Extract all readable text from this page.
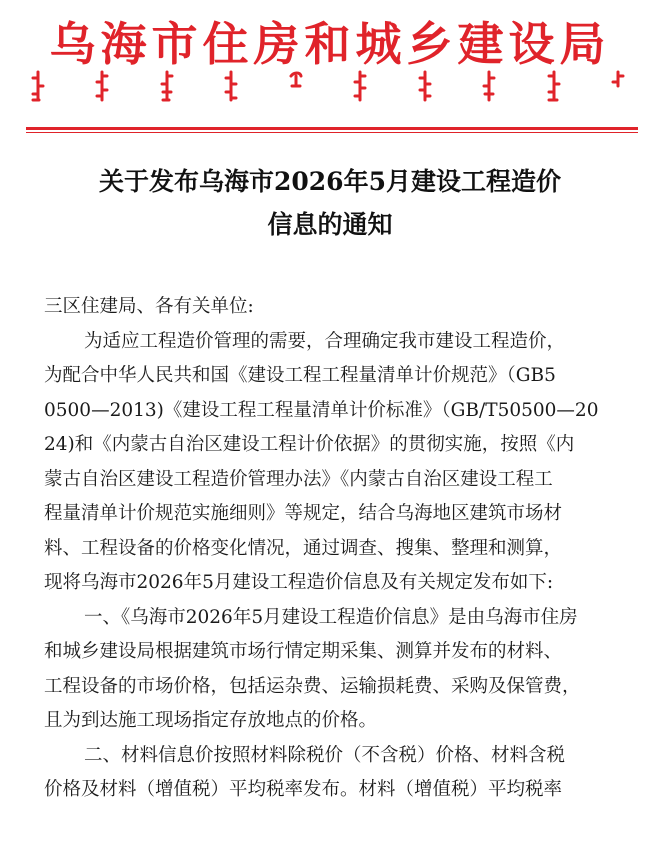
乌海市住房和城乡建设局
关于发布乌海市2026年5月建设工程造价
信息的通知

三区住建局、各有关单位:

为适应工程造价管理的需要，合理确定我市建设工程造价，

为配合中华人民共和国《建设工程工程量清单计价规范》（GB5

0500—2013)《建设工程工程量清单计价标准》（GB/T50500—20

24)和《内蒙古自治区建设工程计价依据》的贯彻实施，按照《内

蒙古自治区建设工程造价管理办法》《内蒙古自治区建设工程工

程量清单计价规范实施细则》等规定，结合乌海地区建筑市场材

料、工程设备的价格变化情况，通过调查、搜集、整理和测算，

现将乌海市2026年5月建设工程造价信息及有关规定发布如下:

一、《乌海市2026年5月建设工程造价信息》是由乌海市住房

和城乡建设局根据建筑市场行情定期采集、测算并发布的材料、

工程设备的市场价格，包括运杂费、运输损耗费、采购及保管费，

且为到达施工现场指定存放地点的价格。

二、材料信息价按照材料除税价（不含税）价格、材料含税

价格及材料（增值税）平均税率发布。材料（增值税）平均税率
